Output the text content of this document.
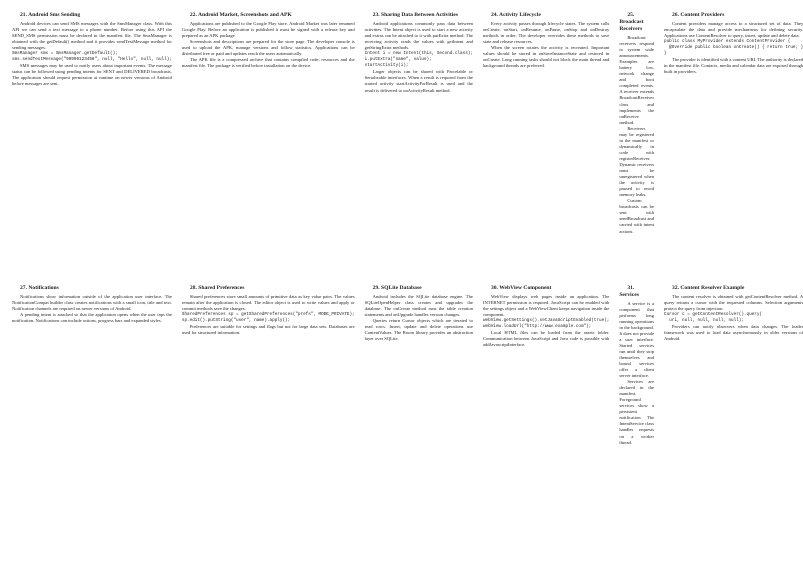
21. Android Sms Sending

Android devices can send SMS messages with the SmsManager class. With this API we can send a text message to a phone number. Before using this API the SEND_SMS permission must be declared in the manifest file. The SmsManager is obtained with the getDefault() method and it provides sendTextMessage method for sending messages.

SmsManager sms = SmsManager.getDefault();
sms.sendTextMessage("99999123456", null, "Hello", null, null);

SMS messages may be used to notify users about important events. The message status can be followed using pending intents for SENT and DELIVERED broadcasts. The application should request permission at runtime on newer versions of Android before messages are sent.

22. Android Market, Screenshots and APK

Applications are published to the Google Play store. Android Market was later renamed Google Play. Before an application is published it must be signed with a release key and prepared as an APK package.

Screenshots and descriptions are prepared for the store page. The developer console is used to upload the APK, manage versions and follow statistics. Applications can be distributed free or paid and updates reach the users automatically.

The APK file is a compressed archive that contains compiled code, resources and the manifest file. The package is verified before installation on the device.

23. Sharing Data Between Activities

Android applications commonly pass data between activities. The Intent object is used to start a new activity and extras can be attached to it with putExtra method. The receiving activity reads the values with getIntent and getStringExtra methods.

Intent i = new Intent(this, Second.class);
i.putExtra("name", value);
startActivity(i);

Larger objects can be shared with Parcelable or Serializable interfaces. When a result is required from the started activity startActivityForResult is used and the result is delivered to onActivityResult method.

24. Activity Lifecycle

Every activity passes through lifecycle states. The system calls onCreate, onStart, onResume, onPause, onStop and onDestroy methods in order. The developer overrides these methods to save state and release resources.

When the screen rotates the activity is recreated. Important values should be stored in onSaveInstanceState and restored in onCreate. Long running tasks should not block the main thread and background threads are preferred.

25. Broadcast Receivers

Broadcast receivers respond to system wide announcements. Examples are battery low, network change and boot completed events. A receiver extends BroadcastReceiver class and implements the onReceive method.

Receivers may be registered in the manifest or dynamically in code with registerReceiver. Dynamic receivers must be unregistered when the activity is paused to avoid memory leaks.

Custom broadcasts can be sent with sendBroadcast and carried with intent actions.

26. Content Providers

Content providers manage access to a structured set of data. They encapsulate the data and provide mechanisms for defining security. Applications use ContentResolver to query, insert, update and delete data.

public class MyProvider extends ContentProvider {
@Override public boolean onCreate() { return true; }
}

The provider is identified with a content URI. The authority is declared in the manifest file. Contacts, media and calendar data are exposed through built in providers.

27. Notifications

Notifications show information outside of the application user interface. The NotificationCompat builder class creates notifications with a small icon, title and text. Notification channels are required on newer versions of Android.

A pending intent is attached so that the application opens when the user taps the notification. Notifications can include actions, progress bars and expanded styles.

28. Shared Preferences

Shared preferences store small amounts of primitive data as key value pairs. The values remain after the application is closed. The editor object is used to write values and apply or commit methods save the changes.

SharedPreferences sp = getSharedPreferences("prefs", MODE_PRIVATE);
sp.edit().putString("user", name).apply();

Preferences are suitable for settings and flags but not for large data sets. Databases are used for structured information.

29. SQLite Database

Android includes the SQLite database engine. The SQLiteOpenHelper class creates and upgrades the database. The onCreate method runs the table creation statements and onUpgrade handles version changes.

Queries return Cursor objects which are iterated to read rows. Insert, update and delete operations use ContentValues. The Room library provides an abstraction layer over SQLite.

30. WebView Component

WebView displays web pages inside an application. The INTERNET permission is required. JavaScript can be enabled with the settings object and a WebViewClient keeps navigation inside the component.

webView.getSettings().setJavaScriptEnabled(true);
webView.loadUrl("http://www.example.com");

Local HTML files can be loaded from the assets folder. Communication between JavaScript and Java code is possible with addJavascriptInterface.

31. Services

A service is a component that performs long running operations in the background. It does not provide a user interface. Started services run until they stop themselves and bound services offer a client server interface.

Services are declared in the manifest. Foreground services show a persistent notification. The IntentService class handles requests on a worker thread.

32. Content Resolver Example

The content resolver is obtained with getContentResolver method. A query returns a cursor with the requested columns. Selection arguments protect the query from injection.

Cursor c = getContentResolver().query(
uri, null, null, null, null);

Providers can notify observers when data changes. The loader framework was used to load data asynchronously in older versions of Android.
